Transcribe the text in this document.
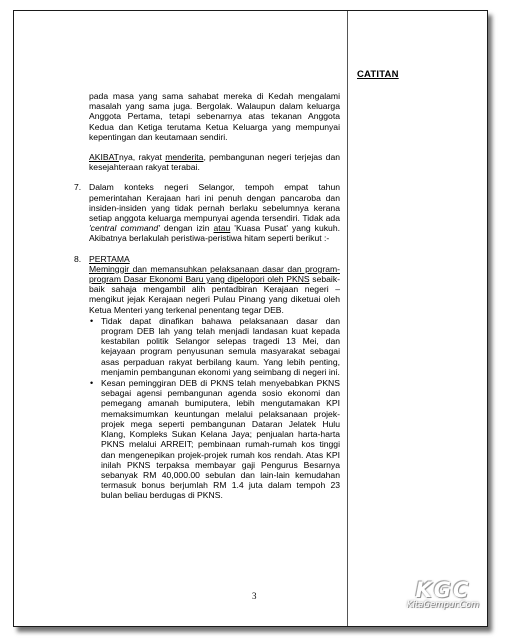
CATITAN

pada masa yang sama sahabat mereka di Kedah mengalami masalah yang sama juga. Bergolak. Walaupun dalam keluarga Anggota Pertama, tetapi sebenarnya atas tekanan Anggota Kedua dan Ketiga terutama Ketua Keluarga yang mempunyai kepentingan dan keutamaan sendiri.

AKIBATnya, rakyat menderita, pembangunan negeri terjejas dan kesejahteraan rakyat terabai.

7. Dalam konteks negeri Selangor, tempoh empat tahun pemerintahan Kerajaan hari ini penuh dengan pancaroba dan insiden-insiden yang tidak pernah berlaku sebelumnya kerana setiap anggota keluarga mempunyai agenda tersendiri. Tidak ada 'central command' dengan izin atau 'Kuasa Pusat' yang kukuh. Akibatnya berlakulah peristiwa-peristiwa hitam seperti berikut :-

8. PERTAMA

Meminggir dan memansuhkan pelaksanaan dasar dan program-program Dasar Ekonomi Baru yang dipelopori oleh PKNS sebaik-baik sahaja mengambil alih pentadbiran Kerajaan negeri – mengikut jejak Kerajaan negeri Pulau Pinang yang diketuai oleh Ketua Menteri yang terkenal penentang tegar DEB.

• Tidak dapat dinafikan bahawa pelaksanaan dasar dan program DEB lah yang telah menjadi landasan kuat kepada kestabilan politik Selangor selepas tragedi 13 Mei, dan kejayaan program penyusunan semula masyarakat sebagai asas perpaduan rakyat berbilang kaum. Yang lebih penting, menjamin pembangunan ekonomi yang seimbang di negeri ini.
• Kesan peminggiran DEB di PKNS telah menyebabkan PKNS sebagai agensi pembangunan agenda sosio ekonomi dan pemegang amanah bumiputera, lebih mengutamakan KPI memaksimumkan keuntungan melalui pelaksanaan projek-projek mega seperti pembangunan Dataran Jelatek Hulu Klang, Kompleks Sukan Kelana Jaya; penjualan harta-harta PKNS melalui ARREIT; pembinaan rumah-rumah kos tinggi dan mengenepikan projek-projek rumah kos rendah. Atas KPI inilah PKNS terpaksa membayar gaji Pengurus Besarnya sebanyak RM 40,000.00 sebulan dan lain-lain kemudahan termasuk bonus berjumlah RM 1.4 juta dalam tempoh 23 bulan beliau berdugas di PKNS.
3	KGC
KitaGempur.Com
